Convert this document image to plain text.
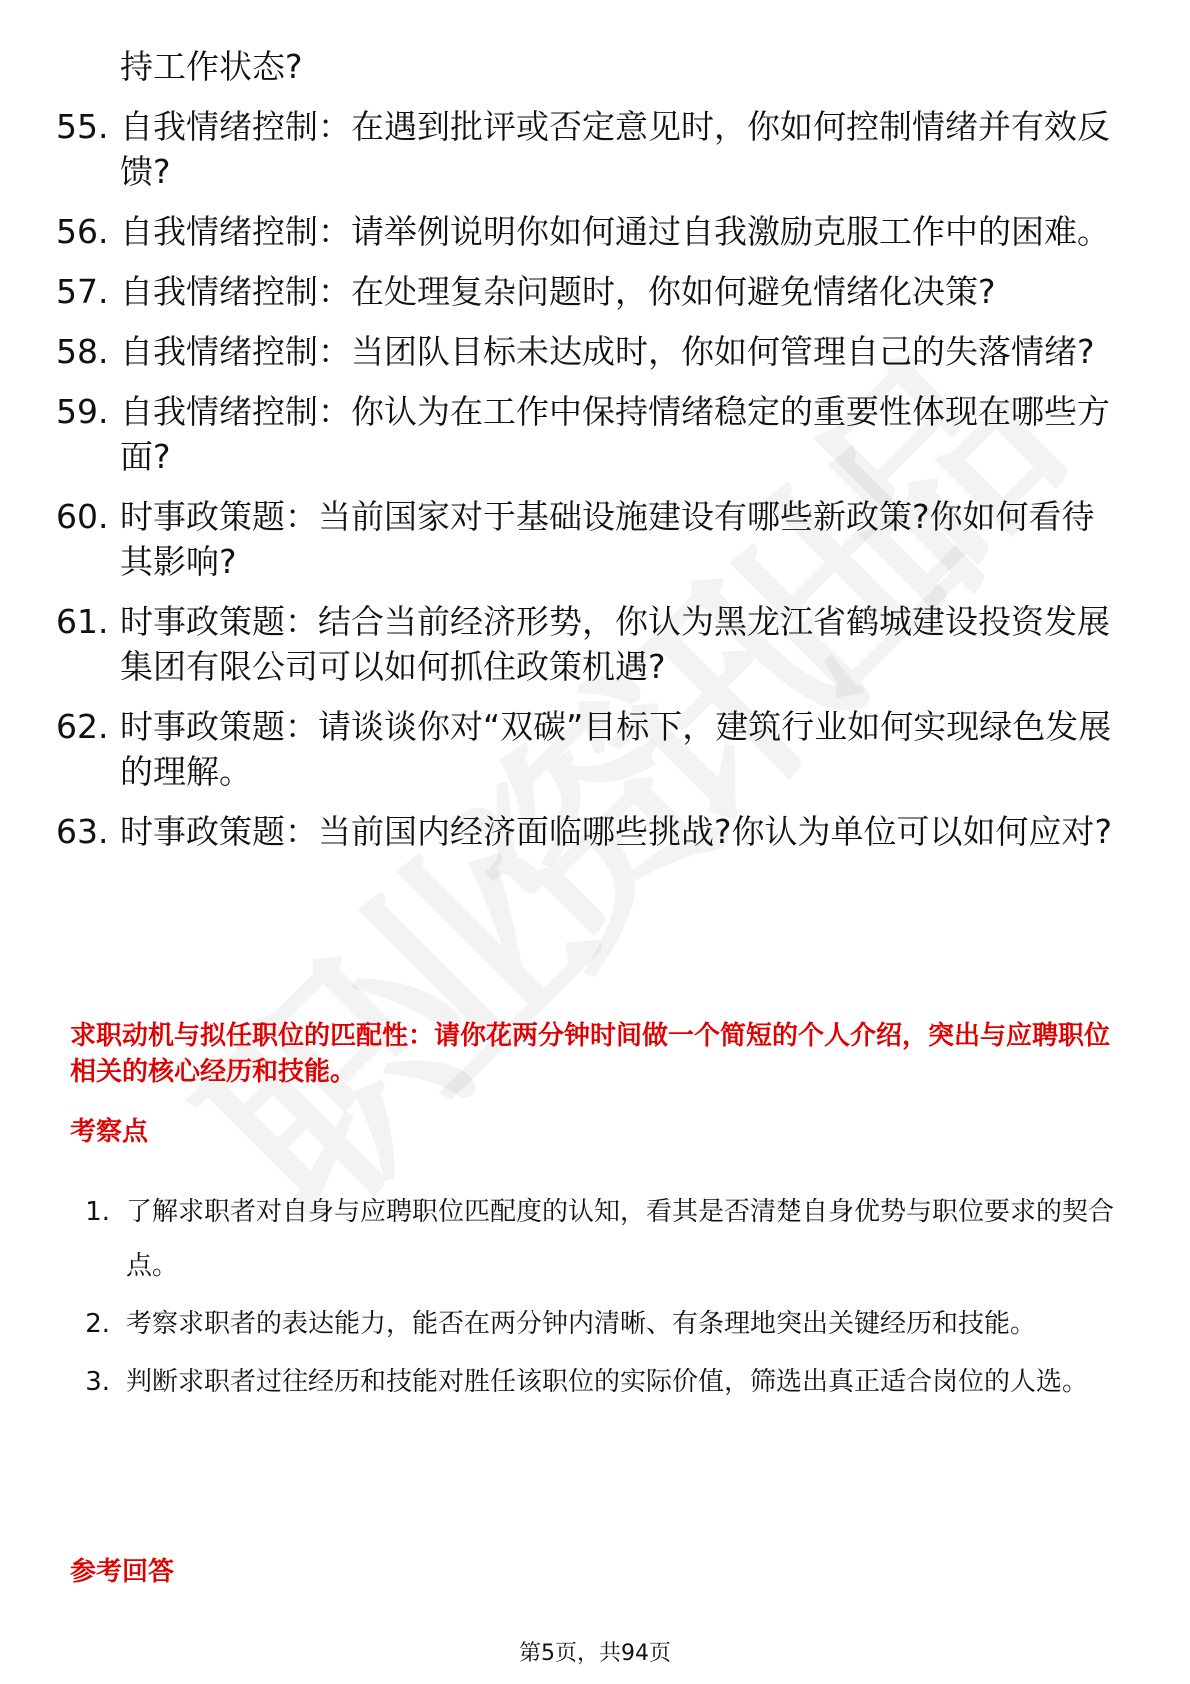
持工作状态?
55. 自我情绪控制：在遇到批评或否定意见时，你如何控制情绪并有效反馈?
56. 自我情绪控制：请举例说明你如何通过自我激励克服工作中的困难。
57. 自我情绪控制：在处理复杂问题时，你如何避免情绪化决策?
58. 自我情绪控制：当团队目标未达成时，你如何管理自己的失落情绪?
59. 自我情绪控制：你认为在工作中保持情绪稳定的重要性体现在哪些方面?
60. 时事政策题：当前国家对于基础设施建设有哪些新政策?你如何看待其影响?
61. 时事政策题：结合当前经济形势，你认为黑龙江省鹤城建设投资发展集团有限公司可以如何抓住政策机遇?
62. 时事政策题：请谈谈你对“双碳”目标下，建筑行业如何实现绿色发展的理解。
63. 时事政策题：当前国内经济面临哪些挑战?你认为单位可以如何应对?
求职动机与拟任职位的匹配性：请你花两分钟时间做一个简短的个人介绍，突出与应聘职位相关的核心经历和技能。
考察点
1. 了解求职者对自身与应聘职位匹配度的认知，看其是否清楚自身优势与职位要求的契合点。
2. 考察求职者的表达能力，能否在两分钟内清晰、有条理地突出关键经历和技能。
3. 判断求职者过往经历和技能对胜任该职位的实际价值，筛选出真正适合岗位的人选。
参考回答
第5页，共94页
